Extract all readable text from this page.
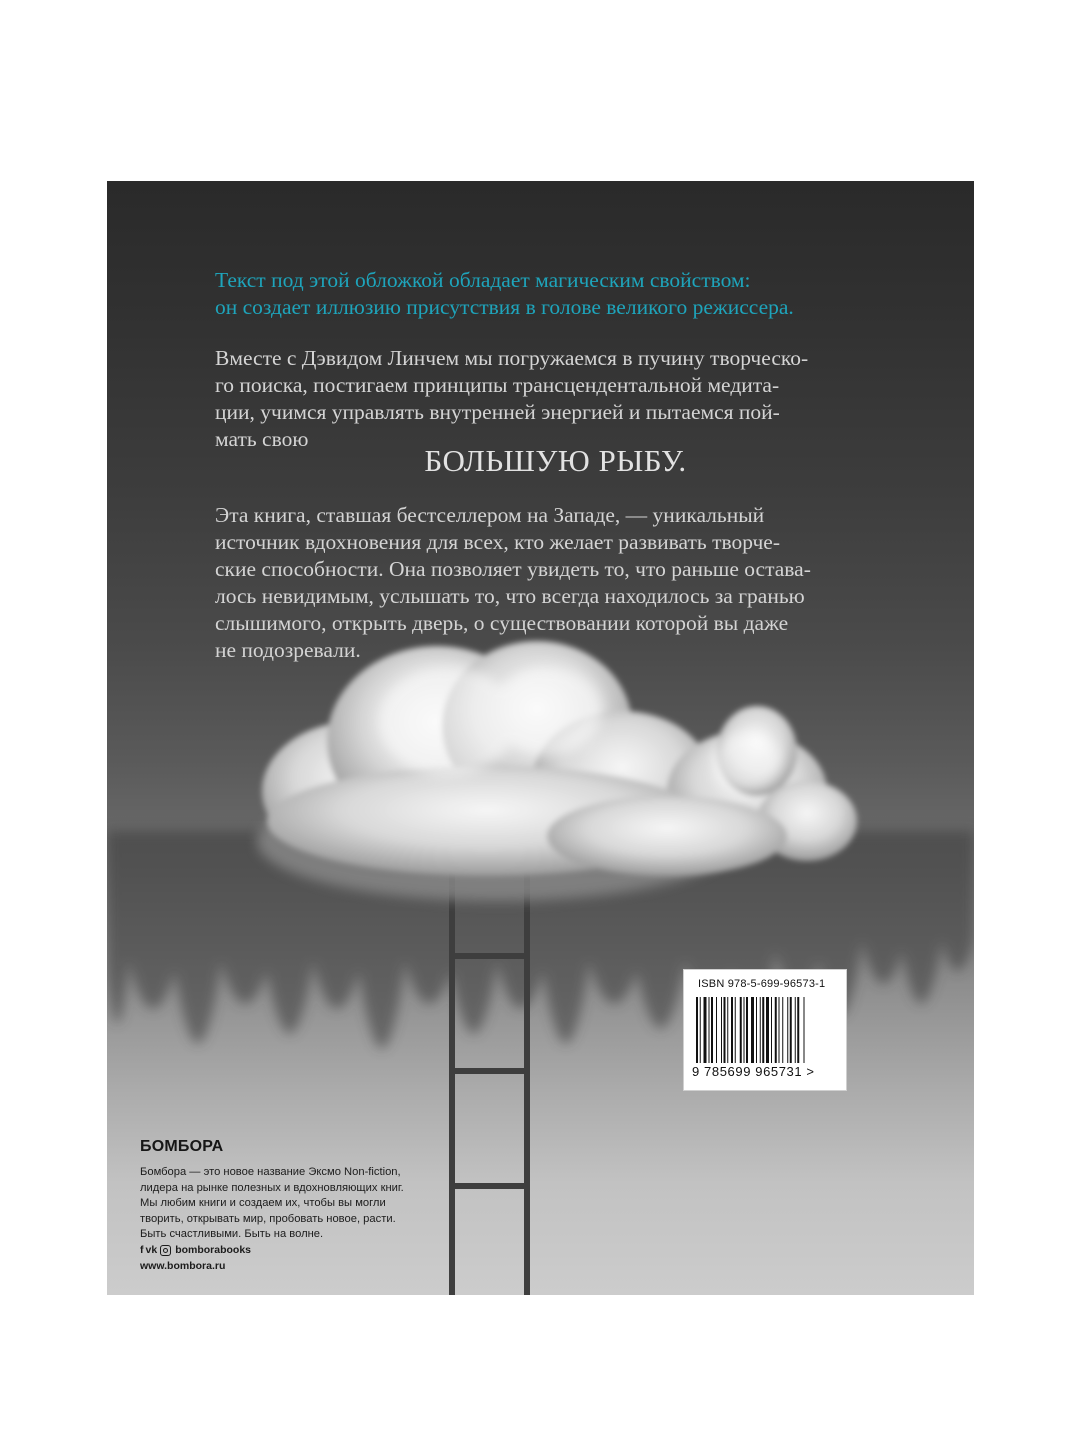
Текст под этой обложкой обладает магическим свойством:
он создает иллюзию присутствия в голове великого режиссера.

Вместе с Дэвидом Линчем мы погружаемся в пучину творческо-
го поиска, постигаем принципы трансцендентальной медита-
ции, учимся управлять внутренней энергией и пытаемся пой-
мать свою

БОЛЬШУЮ РЫБУ.

Эта книга, ставшая бестселлером на Западе, — уникальный
источник вдохновения для всех, кто желает развивать творче-
ские способности. Она позволяет увидеть то, что раньше остава-
лось невидимым, услышать то, что всегда находилось за гранью
слышимого, открыть дверь, о существовании которой вы даже
не подозревали.

БОМБОРА

Бомбора — это новое название Эксмо Non-fiction,
лидера на рынке полезных и вдохновляющих книг.
Мы любим книги и создаем их, чтобы вы могли
творить, открывать мир, пробовать новое, расти.
Быть счастливыми. Быть на волне.

f vk bomborabooks

www.bombora.ru

ISBN 978-5-699-96573-1

9 785699 965731 >
